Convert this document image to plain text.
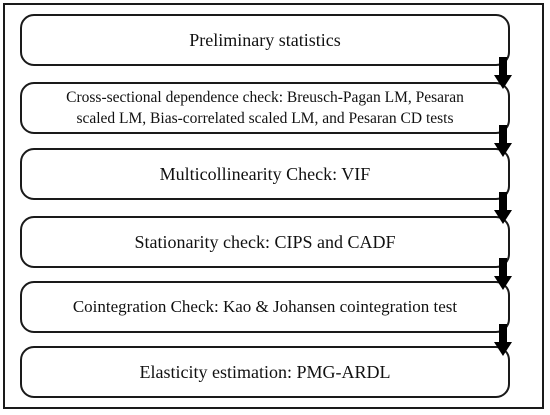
Preliminary statistics
Cross-sectional dependence check: Breusch-Pagan LM, Pesaran
scaled LM, Bias-correlated scaled LM, and Pesaran CD tests
Multicollinearity Check: VIF
Stationarity check: CIPS and CADF
Cointegration Check: Kao & Johansen cointegration test
Elasticity estimation: PMG-ARDL
